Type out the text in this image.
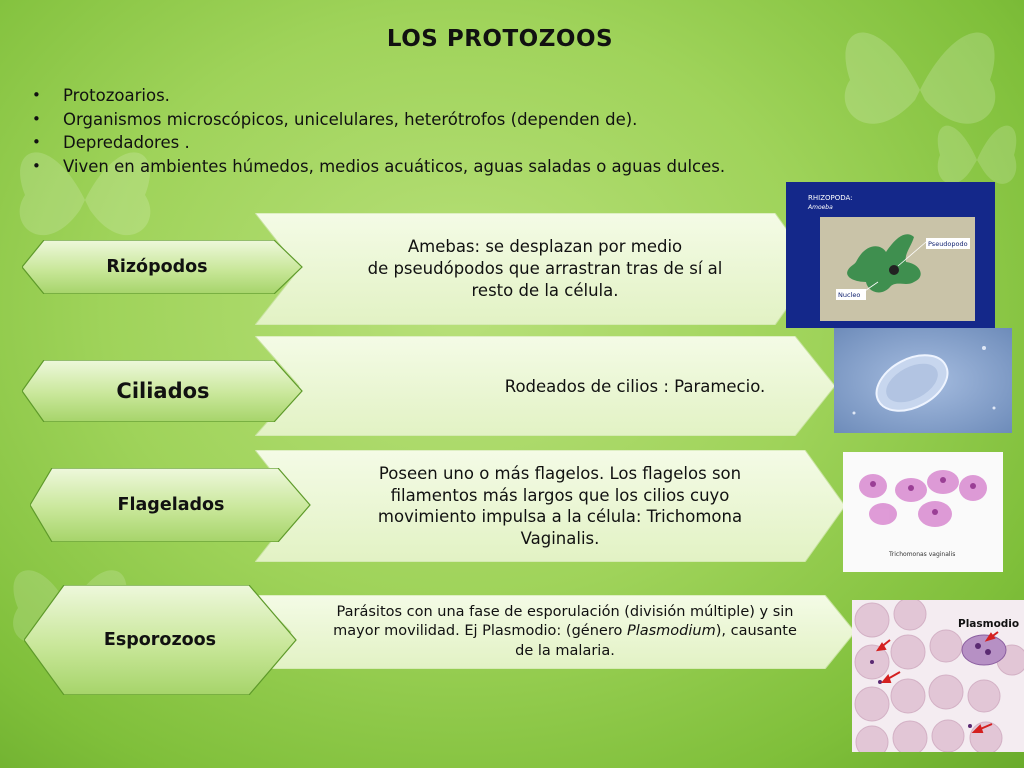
LOS PROTOZOOS
• Protozoarios.
• Organismos microscópicos, unicelulares, heterótrofos (dependen de).
• Depredadores .
• Viven en ambientes húmedos, medios acuáticos, aguas saladas o aguas dulces.
Amebas: se desplazan por medio
de pseudópodos que arrastran tras de sí al
resto de la célula.
Rizópodos
RHIZOPODA:
Amoeba
Pseudopodo
Nucleo
Rodeados de cilios : Paramecio.
Ciliados
Poseen uno o más flagelos. Los flagelos son
filamentos más largos que los cilios cuyo
movimiento impulsa a la célula: Trichomona
Vaginalis.
Flagelados
Trichomonas vaginalis
Parásitos con una fase de esporulación (división múltiple) y sin
mayor movilidad. Ej Plasmodio: (género Plasmodium), causante
de la malaria.
Esporozoos
Plasmodio
